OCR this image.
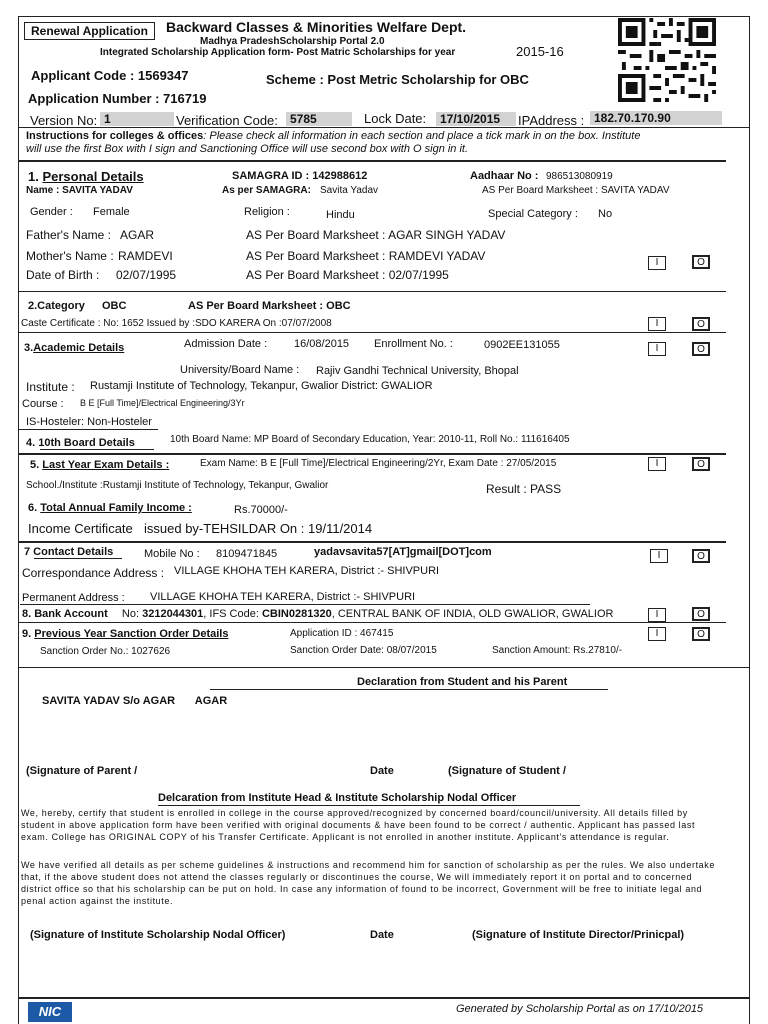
Renewal Application	Backward Classes & Minorities Welfare Dept.
Madhya PradeshScholarship Portal 2.0
Integrated Scholarship Application form- Post Matric Scholarships for year	2015-16
Applicant Code : 1569347	Scheme : Post Metric Scholarship for OBC
Application Number : 716719
Version No: 1	Verification Code:	5785	Lock Date:	17/10/2015	IPAddress : 182.70.170.90
Instructions for colleges & offices: Please check all information in each section and place a tick mark in on the box. Institute
will use the first Box with I sign and Sanctioning Office will use second box with O sign in it.
1. Personal Details	SAMAGRA ID : 142988612	Aadhaar No : 986513080919
Name : SAVITA YADAV	As per SAMAGRA: Savita Yadav	AS Per Board Marksheet : SAVITA YADAV
Gender : Female	Religion :	Hindu	Special Category : No
Father's Name : AGAR	AS Per Board Marksheet : AGAR SINGH YADAV
Mother's Name : RAMDEVI	AS Per Board Marksheet : RAMDEVI YADAV
Date of Birth : 02/07/1995	AS Per Board Marksheet : 02/07/1995
I	O
2.Category OBC	AS Per Board Marksheet : OBC
Caste Certificate : No: 1652 Issued by :SDO KARERA On :07/07/2008	I	O
3.Academic Details	Admission Date : 16/08/2015 Enrollment No. :	0902EE131055	I	O
University/Board Name : Rajiv Gandhi Technical University, Bhopal
Institute : Rustamji Institute of Technology, Tekanpur, Gwalior District: GWALIOR
Course : B E [Full Time]/Electrical Engineering/3Yr
IS-Hosteler: Non-Hosteler
4. 10th Board Details	10th Board Name: MP Board of Secondary Education, Year: 2010-11, Roll No.: 111616405
5. Last Year Exam Details :	Exam Name: B E [Full Time]/Electrical Engineering/2Yr, Exam Date : 27/05/2015	I	O
School./Institute :Rustamji Institute of Technology, Tekanpur, Gwalior	Result : PASS
6. Total Annual Family Income :	Rs.70000/-
Income Certificate issued by-TEHSILDAR On : 19/11/2014
7 Contact Details	Mobile No : 8109471845	yadavsavita57[AT]gmail[DOT]com	I	O
Correspondance Address : VILLAGE KHOHA TEH KARERA, District :- SHIVPURI
Permanent Address : VILLAGE KHOHA TEH KARERA, District :- SHIVPURI
8. Bank Account No: 3212044301, IFS Code: CBIN0281320, CENTRAL BANK OF INDIA, OLD GWALIOR, GWALIOR	I	O
9. Previous Year Sanction Order Details	Application ID : 467415	I	O
Sanction Order No.: 1027626	Sanction Order Date: 08/07/2015	Sanction Amount: Rs.27810/-
Declaration from Student and his Parent
SAVITA YADAV S/o AGAR AGAR
(Signature of Parent /	Date	(Signature of Student /
Delcaration from Institute Head & Institute Scholarship Nodal Officer
We, hereby, certify that student is enrolled in college in the course approved/recognized by concerned board/council/university. All details filled by student in above application form have been verified with original documents & have been found to be correct / authentic. Applicant has passed last exam. College has ORIGINAL COPY of his Transfer Certificate. Applicant is not enrolled in another institute. Applicant's attendance is regular.
We have verified all details as per scheme guidelines & instructions and recommend him for sanction of scholarship as per the rules. We also undertake that, if the above student does not attend the classes regularly or discontinues the course, We will immediately report it on portal and to concerned district office so that his scholarship can be put on hold. In case any information of found to be incorrect, Government will be free to initiate legal and penal action against the institute.
(Signature of Institute Scholarship Nodal Officer)	Date	(Signature of Institute Director/Prinicpal)
NIC	Generated by Scholarship Portal as on 17/10/2015
